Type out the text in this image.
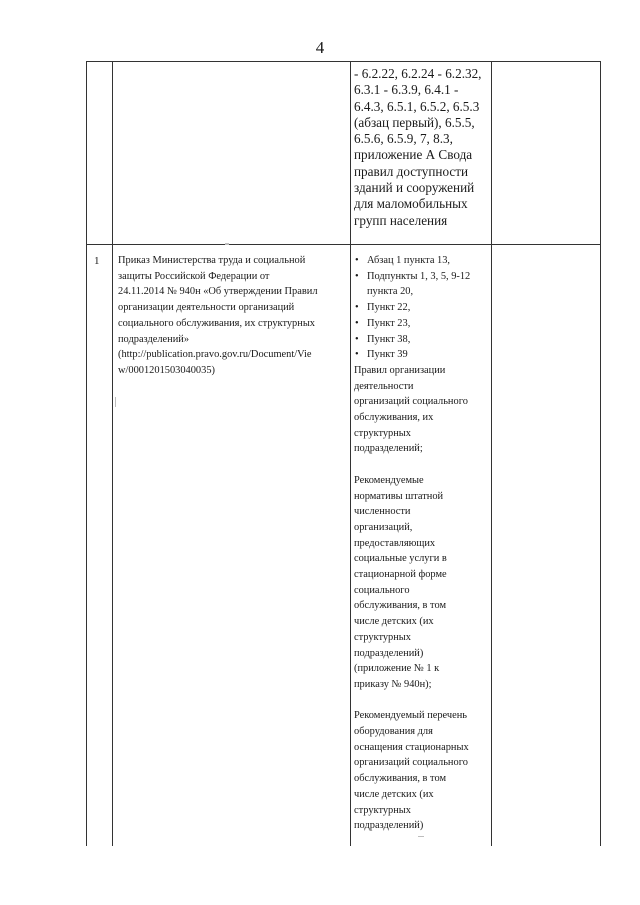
4
- 6.2.22, 6.2.24 - 6.2.32,
6.3.1 - 6.3.9, 6.4.1 -
6.4.3, 6.5.1, 6.5.2, 6.5.3
(абзац первый), 6.5.5,
6.5.6, 6.5.9, 7, 8.3,
приложение А Свода
правил доступности
зданий и сооружений
для маломобильных
групп населения
1	Приказ Министерства труда и социальной
защиты Российской Федерации от
24.11.2014 № 940н «Об утверждении Правил
организации деятельности организаций
социального обслуживания, их структурных
подразделений»
(http://publication.pravo.gov.ru/Document/Vie
w/0001201503040035)
• Абзац 1 пункта 13,
• Подпункты 1, 3, 5, 9-12
пункта 20,
• Пункт 22,
• Пункт 23,
• Пункт 38,
• Пункт 39
Правил организации
деятельности
организаций социального
обслуживания, их
структурных
подразделений;
Рекомендуемые
нормативы штатной
численности
организаций,
предоставляющих
социальные услуги в
стационарной форме
социального
обслуживания, в том
числе детских (их
структурных
подразделений)
(приложение № 1 к
приказу № 940н);
Рекомендуемый перечень
оборудования для
оснащения стационарных
организаций социального
обслуживания, в том
числе детских (их
структурных
подразделений)
